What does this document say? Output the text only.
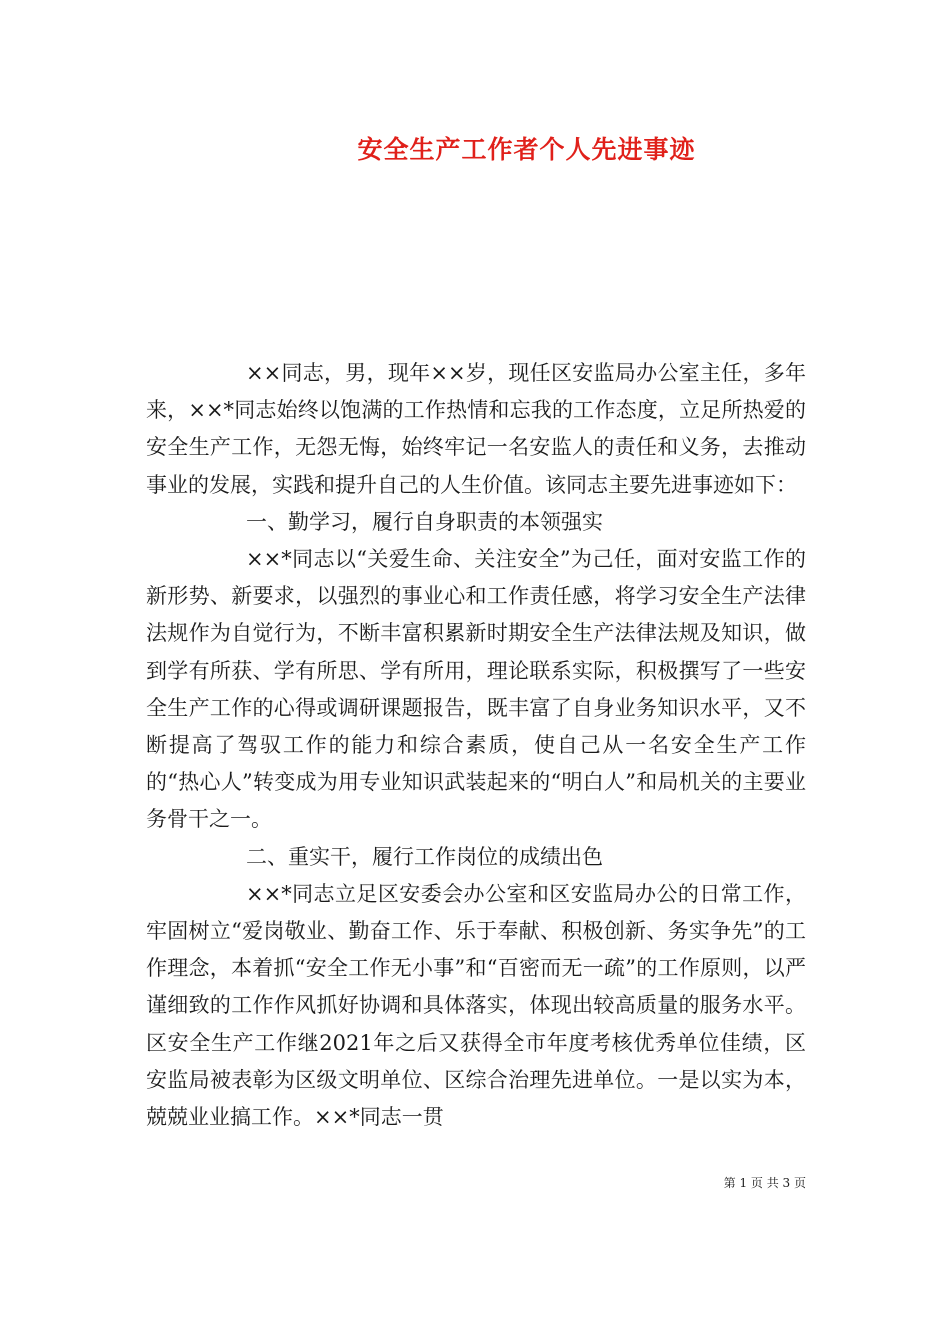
安全生产工作者个人先进事迹

××同志，男，现年××岁，现任区安监局办公室主任，多年来，××*同志始终以饱满的工作热情和忘我的工作态度，立足所热爱的安全生产工作，无怨无悔，始终牢记一名安监人的责任和义务，去推动事业的发展，实践和提升自己的人生价值。该同志主要先进事迹如下：

一、勤学习，履行自身职责的本领强实

××*同志以“关爱生命、关注安全”为己任，面对安监工作的新形势、新要求，以强烈的事业心和工作责任感，将学习安全生产法律法规作为自觉行为，不断丰富积累新时期安全生产法律法规及知识，做到学有所获、学有所思、学有所用，理论联系实际，积极撰写了一些安全生产工作的心得或调研课题报告，既丰富了自身业务知识水平，又不断提高了驾驭工作的能力和综合素质，使自己从一名安全生产工作的“热心人”转变成为用专业知识武装起来的“明白人”和局机关的主要业务骨干之一。

二、重实干，履行工作岗位的成绩出色

××*同志立足区安委会办公室和区安监局办公的日常工作，牢固树立“爱岗敬业、勤奋工作、乐于奉献、积极创新、务实争先”的工作理念，本着抓“安全工作无小事”和“百密而无一疏”的工作原则，以严谨细致的工作作风抓好协调和具体落实，体现出较高质量的服务水平。区安全生产工作继2021年之后又获得全市年度考核优秀单位佳绩，区安监局被表彰为区级文明单位、区综合治理先进单位。一是以实为本，兢兢业业搞工作。××*同志一贯

第 1 页 共 3 页
